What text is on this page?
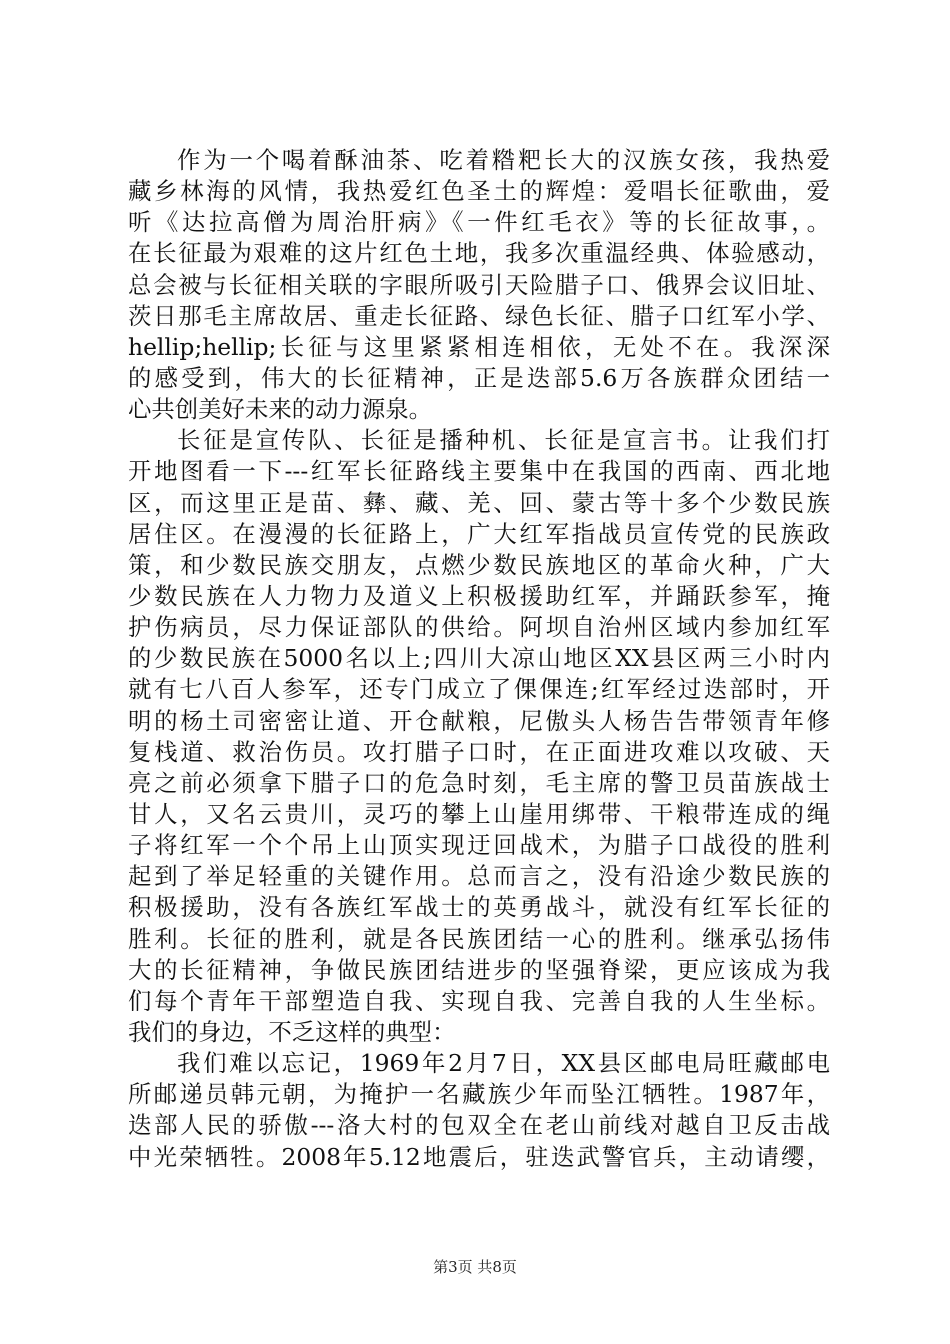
作为一个喝着酥油茶、吃着糌粑长大的汉族女孩，我热爱
藏乡林海的风情，我热爱红色圣土的辉煌：爱唱长征歌曲，爱
听《达拉高僧为周治肝病》《一件红毛衣》等的长征故事，。
在长征最为艰难的这片红色土地，我多次重温经典、体验感动，
总会被与长征相关联的字眼所吸引天险腊子口、俄界会议旧址、
茨日那毛主席故居、重走长征路、绿色长征、腊子口红军小学、
hellip;hellip;长征与这里紧紧相连相依，无处不在。我深深
的感受到，伟大的长征精神，正是迭部5.6万各族群众团结一
心共创美好未来的动力源泉。
长征是宣传队、长征是播种机、长征是宣言书。让我们打
开地图看一下---红军长征路线主要集中在我国的西南、西北地
区，而这里正是苗、彝、藏、羌、回、蒙古等十多个少数民族
居住区。在漫漫的长征路上，广大红军指战员宣传党的民族政
策，和少数民族交朋友，点燃少数民族地区的革命火种，广大
少数民族在人力物力及道义上积极援助红军，并踊跃参军，掩
护伤病员，尽力保证部队的供给。阿坝自治州区域内参加红军
的少数民族在5000名以上;四川大凉山地区XX县区两三小时内
就有七八百人参军，还专门成立了倮倮连;红军经过迭部时，开
明的杨土司密密让道、开仓献粮，尼傲头人杨告告带领青年修
复栈道、救治伤员。攻打腊子口时，在正面进攻难以攻破、天
亮之前必须拿下腊子口的危急时刻，毛主席的警卫员苗族战士
甘人，又名云贵川，灵巧的攀上山崖用绑带、干粮带连成的绳
子将红军一个个吊上山顶实现迂回战术，为腊子口战役的胜利
起到了举足轻重的关键作用。总而言之，没有沿途少数民族的
积极援助，没有各族红军战士的英勇战斗，就没有红军长征的
胜利。长征的胜利，就是各民族团结一心的胜利。继承弘扬伟
大的长征精神，争做民族团结进步的坚强脊梁，更应该成为我
们每个青年干部塑造自我、实现自我、完善自我的人生坐标。
我们的身边，不乏这样的典型：
我们难以忘记，1969年2月7日，XX县区邮电局旺藏邮电
所邮递员韩元朝，为掩护一名藏族少年而坠江牺牲。1987年，
迭部人民的骄傲---洛大村的包双全在老山前线对越自卫反击战
中光荣牺牲。2008年5.12地震后，驻迭武警官兵，主动请缨，
第3页 共8页
